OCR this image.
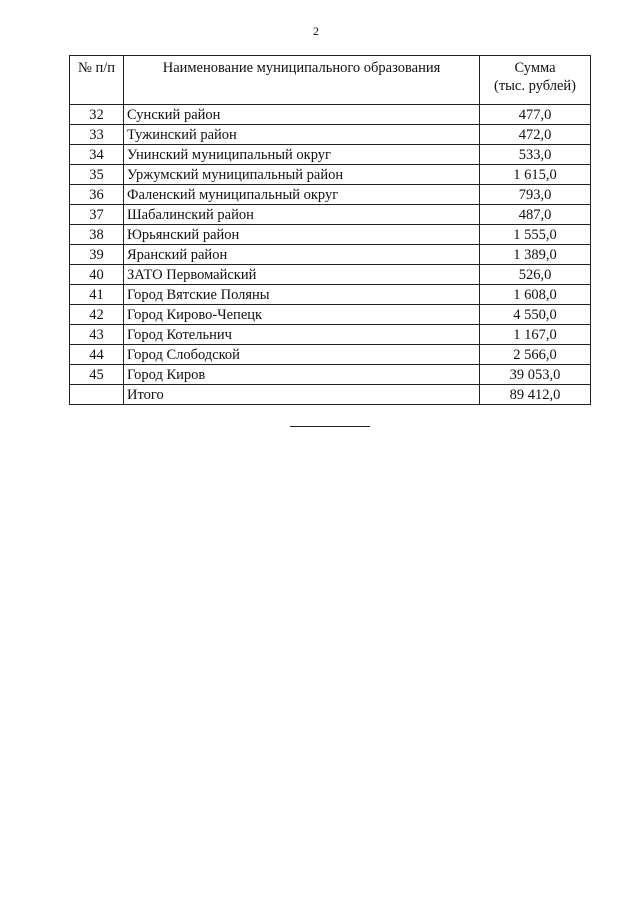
2
№ п/п	Наименование муниципального образования	Сумма
(тыс. рублей)
32	Сунский район	477,0
33	Тужинский район	472,0
34	Унинский муниципальный округ	533,0
35	Уржумский муниципальный район	1 615,0
36	Фаленский муниципальный округ	793,0
37	Шабалинский район	487,0
38	Юрьянский район	1 555,0
39	Яранский район	1 389,0
40	ЗАТО Первомайский	526,0
41	Город Вятские Поляны	1 608,0
42	Город Кирово-Чепецк	4 550,0
43	Город Котельнич	1 167,0
44	Город Слободской	2 566,0
45	Город Киров	39 053,0
	Итого	89 412,0
